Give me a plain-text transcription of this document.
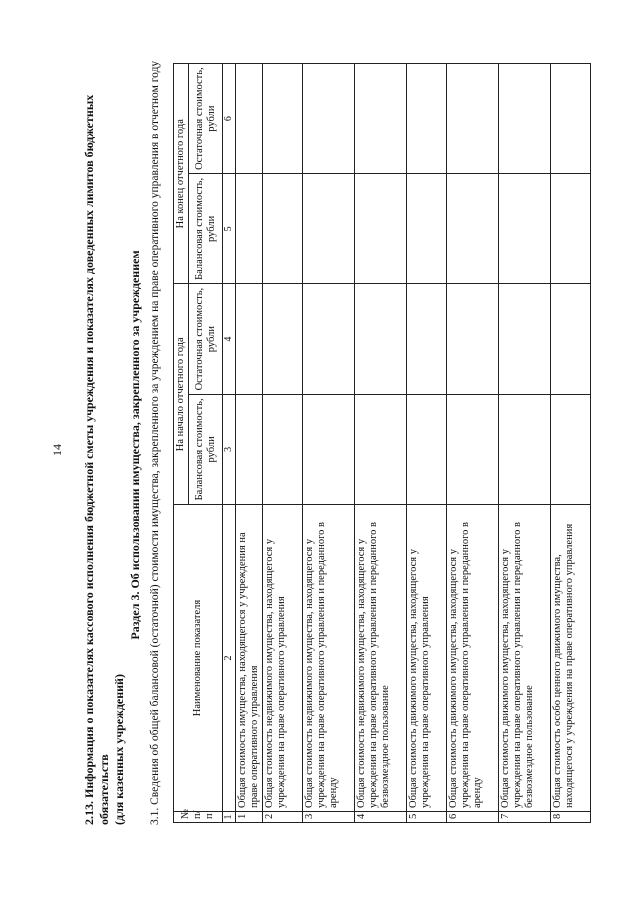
14 2.13. Информация о показателях кассового исполнения бюджетной сметы учреждения и показателях доведенных лимитов бюджетных обязательств
(для казенных учреждений)
Раздел 3. Об использовании имущества, закрепленного за учреждением 3.1. Сведения об общей балансовой (остаточной) стоимости имущества, закрепленного за учреждением на праве оперативного управления в отчетном году № п/п	Наименование показателя	На начало отчетного года		На конец отчетного года	
		Балансовая стоимость, рубли	Остаточная стоимость, рубли	Балансовая стоимость, рубли	Остаточная стоимость, рубли
1	2	3	4	5	6
1	Общая стоимость имущества, находящегося у учреждения на праве оперативного управления				
2	Общая стоимость недвижимого имущества, находящегося у учреждения на праве оперативного управления				
3	Общая стоимость недвижимого имущества, находящегося у учреждения на праве оперативного управления и переданного в аренду				
4	Общая стоимость недвижимого имущества, находящегося у учреждения на праве оперативного управления и переданного в безвозмездное пользование				
5	Общая стоимость движимого имущества, находящегося у учреждения на праве оперативного управления				
6	Общая стоимость движимого имущества, находящегося у учреждения на праве оперативного управления и переданного в аренду				
7	Общая стоимость движимого имущества, находящегося у учреждения на праве оперативного управления и переданного в безвозмездное пользование				
8	Общая стоимость особо ценного движимого имущества, находящегося у учреждения на праве оперативного управления				
